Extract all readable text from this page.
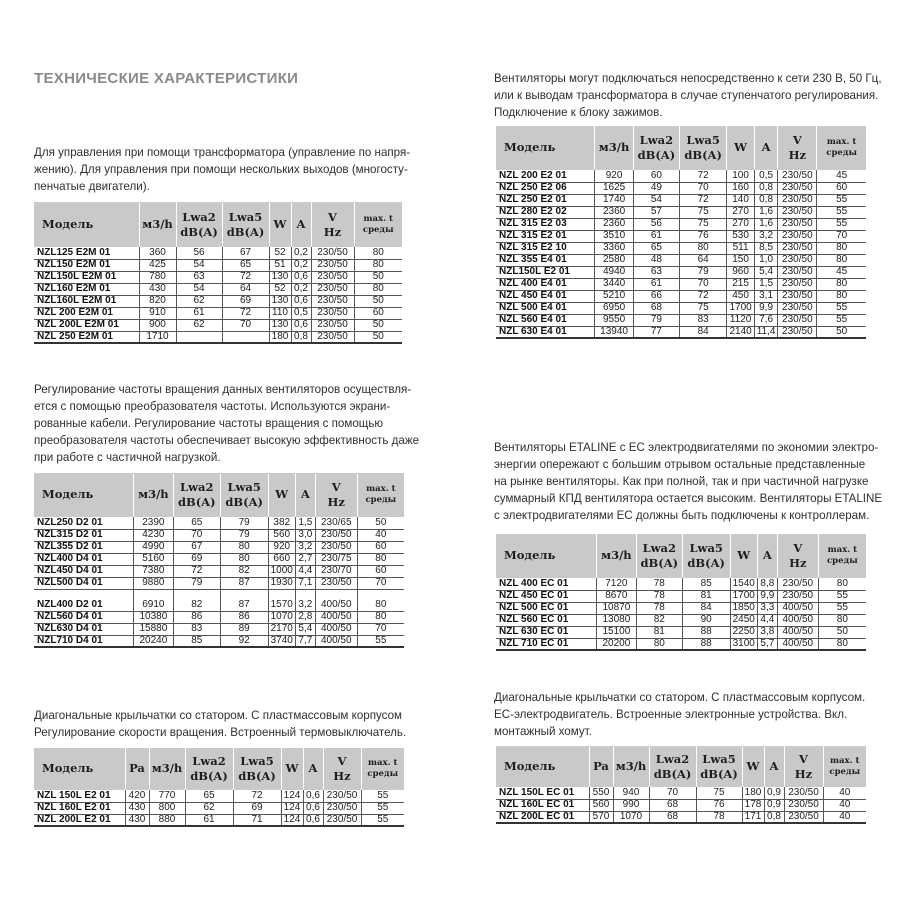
ТЕХНИЧЕСКИЕ ХАРАКТЕРИСТИКИ
Для управления при помощи трансформатора (управление по напря-
жению). Для управления при помощи нескольких выходов (многосту-
пенчатые двигатели).
Модель	м3/h	Lwa2
dB(A)	Lwa5
dB(A)	W	A	V
Hz	max. t
среды
NZL125 E2M 01	360	56	67	52	0,2	230/50	80
NZL150 E2M 01	425	54	65	51	0,2	230/50	80
NZL150L E2M 01	780	63	72	130	0,6	230/50	50
NZL160 E2M 01	430	54	64	52	0,2	230/50	80
NZL160L E2M 01	820	62	69	130	0,6	230/50	50
NZL 200 E2M 01	910	61	72	110	0,5	230/50	60
NZL 200L E2M 01	900	62	70	130	0,6	230/50	50
NZL 250 E2M 01	1710			180	0,8	230/50	50
Регулирование частоты вращения данных вентиляторов осуществля-
ется с помощью преобразователя частоты. Используются экрани-
рованные кабели. Регулирование частоты вращения с помощью
преобразователя частоты обеспечивает высокую эффективность даже
при работе с частичной нагрузкой.
Модель	м3/h	Lwa2
dB(A)	Lwa5
dB(A)	W	A	V
Hz	max. t
среды
NZL250 D2 01	2390	65	79	382	1,5	230/65	50
NZL315 D2 01	4230	70	79	560	3,0	230/50	40
NZL355 D2 01	4990	67	80	920	3,2	230/50	60
NZL400 D4 01	5160	69	80	660	2,7	230/75	80
NZL450 D4 01	7380	72	82	1000	4,4	230/70	60
NZL500 D4 01	9880	79	87	1930	7,1	230/50	70

NZL400 D2 01	6910	82	87	1570	3,2	400/50	80
NZL560 D4 01	10380	86	86	1070	2,8	400/50	80
NZL630 D4 01	15880	83	89	2170	5,4	400/50	70
NZL710 D4 01	20240	85	92	3740	7,7	400/50	55
Диагональные крыльчатки со статором. С пластмассовым корпусом
Регулирование скорости вращения. Встроенный термовыключатель.
Модель	Pa	м3/h	Lwa2
dB(A)	Lwa5
dB(A)	W	A	V
Hz	max. t
среды
NZL 150L E2 01	420	770	65	72	124	0,6	230/50	55
NZL 160L E2 01	430	800	62	69	124	0,6	230/50	55
NZL 200L E2 01	430	880	61	71	124	0,6	230/50	55
Вентиляторы могут подключаться непосредственно к сети 230 В, 50 Гц,
или к выводам трансформатора в случае ступенчатого регулирования.
Подключение к блоку зажимов.
Модель	м3/h	Lwa2
dB(A)	Lwa5
dB(A)	W	A	V
Hz	max. t
среды
NZL 200 E2 01	920	60	72	100	0,5	230/50	45
NZL 250 E2 06	1625	49	70	160	0,8	230/50	60
NZL 250 E2 01	1740	54	72	140	0,8	230/50	55
NZL 280 E2 02	2360	57	75	270	1,6	230/50	55
NZL 315 E2 03	2360	56	75	270	1,6	230/50	55
NZL 315 E2 01	3510	61	76	530	3,2	230/50	70
NZL 315 E2 10	3360	65	80	511	8,5	230/50	80
NZL 355 E4 01	2580	48	64	150	1,0	230/50	80
NZL150L E2 01	4940	63	79	960	5,4	230/50	45
NZL 400 E4 01	3440	61	70	215	1,5	230/50	80
NZL 450 E4 01	5210	66	72	450	3,1	230/50	80
NZL 500 E4 01	6950	68	75	1700	9,9	230/50	55
NZL 560 E4 01	9550	79	83	1120	7,6	230/50	55
NZL 630 E4 01	13940	77	84	2140	11,4	230/50	50
Вентиляторы ETALINE с ЕС электродвигателями по экономии электро-
энергии опережают с большим отрывом остальные представленные
на рынке вентиляторы. Как при полной, так и при частичной нагрузке
суммарный КПД вентилятора остается высоким. Вентиляторы ETALINE
с электродвигателями ЕС должны быть подключены к контроллерам.
Модель	м3/h	Lwa2
dB(A)	Lwa5
dB(A)	W	A	V
Hz	max. t
среды
NZL 400 EC 01	7120	78	85	1540	8,8	230/50	80
NZL 450 EC 01	8670	78	81	1700	9,9	230/50	55
NZL 500 EC 01	10870	78	84	1850	3,3	400/50	55
NZL 560 EC 01	13080	82	90	2450	4,4	400/50	80
NZL 630 EC 01	15100	81	88	2250	3,8	400/50	50
NZL 710 EC 01	20200	80	88	3100	5,7	400/50	80
Диагональные крыльчатки со статором. С пластмассовым корпусом.
ЕС-электродвигатель. Встроенные электронные устройства. Вкл.
монтажный хомут.
Модель	Pa	м3/h	Lwa2
dB(A)	Lwa5
dB(A)	W	A	V
Hz	max. t
среды
NZL 150L EC 01	550	940	70	75	180	0,9	230/50	40
NZL 160L EC 01	560	990	68	76	178	0,9	230/50	40
NZL 200L EC 01	570	1070	68	78	171	0,8	230/50	40
